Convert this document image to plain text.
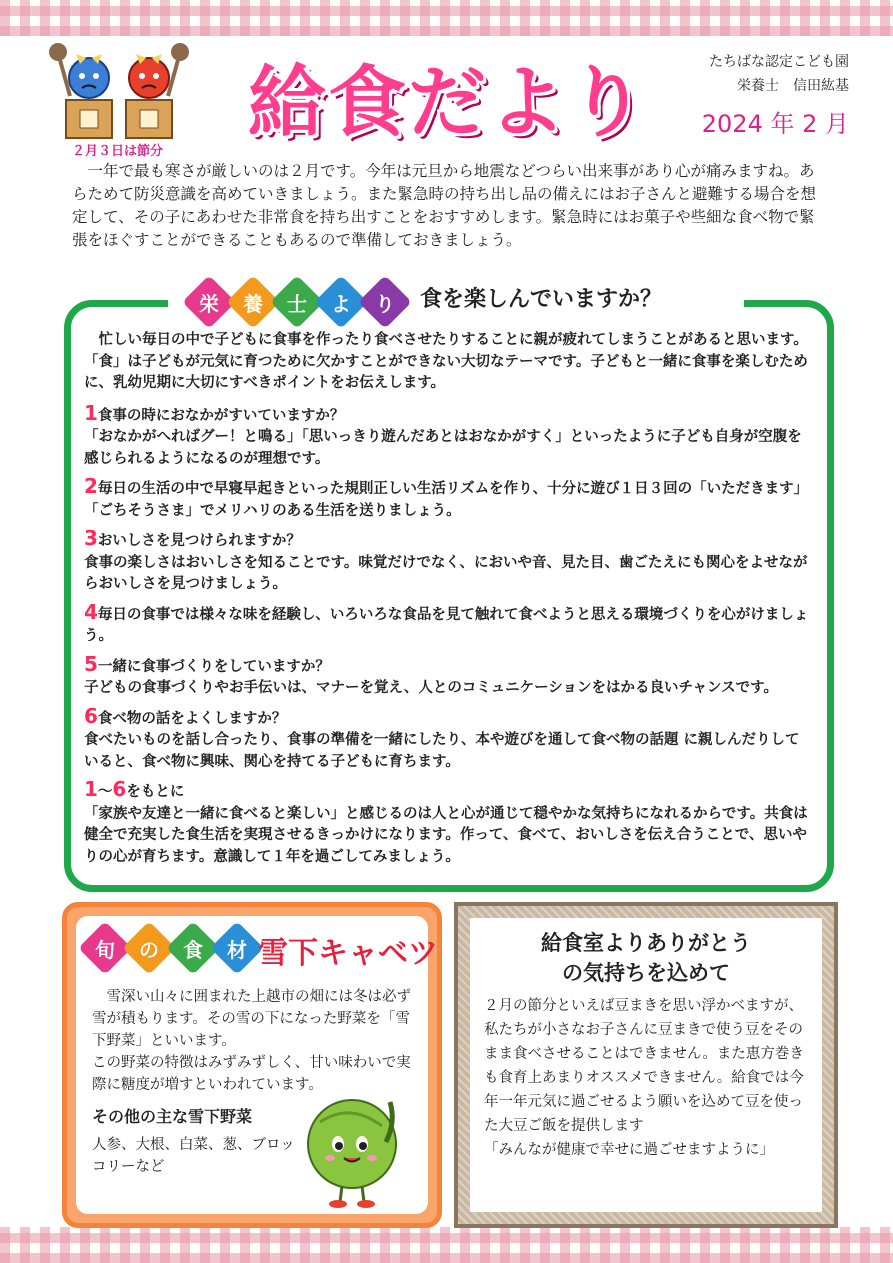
２月３日は節分
給食だより	たちばな認定こども園
栄養士　信田紘基
2024 年 2 月
一年で最も寒さが厳しいのは２月です。今年は元旦から地震などつらい出来事があり心が痛みますね。あらためて防災意識を高めていきましょう。また緊急時の持ち出し品の備えにはお子さんと避難する場合を想定して、その子にあわせた非常食を持ち出すことをおすすめします。緊急時にはお菓子や些細な食べ物で緊張をほぐすことができることもあるので準備しておきましょう。
栄	養	士	よ	り	食を楽しんでいますか？

忙しい毎日の中で子どもに食事を作ったり食べさせたりすることに親が疲れてしまうことがあると思います。「食」は子どもが元気に育つために欠かすことができない大切なテーマです。子どもと一緒に食事を楽しむために、乳幼児期に大切にすべきポイントをお伝えします。

1食事の時におなかがすいていますか？
「おなかがへればグー！と鳴る」「思いっきり遊んだあとはおなかがすく」といったように子ども自身が空腹を感じられるようになるのが理想です。

2毎日の生活の中で早寝早起きといった規則正しい生活リズムを作り、十分に遊び１日３回の「いただきます」「ごちそうさま」でメリハリのある生活を送りましょう。

3おいしさを見つけられますか？
食事の楽しさはおいしさを知ることです。味覚だけでなく、においや音、見た目、歯ごたえにも関心をよせながらおいしさを見つけましょう。

4毎日の食事では様々な味を経験し、いろいろな食品を見て触れて食べようと思える環境づくりを心がけましょう。

5一緒に食事づくりをしていますか？
子どもの食事づくりやお手伝いは、マナーを覚え、人とのコミュニケーションをはかる良いチャンスです。

6食べ物の話をよくしますか？
食べたいものを話し合ったり、食事の準備を一緒にしたり、本や遊びを通して食べ物の話題 に親しんだりしていると、食べ物に興味、関心を持てる子どもに育ちます。

1～6をもとに

「家族や友達と一緒に食べると楽しい」と感じるのは人と心が通じて穏やかな気持ちになれるからです。共食は健全で充実した食生活を実現させるきっかけになります。作って、食べて、おいしさを伝え合うことで、思いやりの心が育ちます。意識して１年を過ごしてみましょう。

旬	の	食	材 雪下キャベツ

雪深い山々に囲まれた上越市の畑には冬は必ず雪が積もります。その雪の下になった野菜を「雪下野菜」といいます。

この野菜の特徴はみずみずしく、甘い味わいで実際に糖度が増すといわれています。

その他の主な雪下野菜
人参、大根、白菜、葱、ブロッコリーなど
給食室よりありがとう
の気持ちを込めて

２月の節分といえば豆まきを思い浮かべますが、私たちが小さなお子さんに豆まきで使う豆をそのまま食べさせることはできません。また恵方巻きも食育上あまりオススメできません。給食では今年一年元気に過ごせるよう願いを込めて豆を使った大豆ご飯を提供します

「みんなが健康で幸せに過ごせますように」
